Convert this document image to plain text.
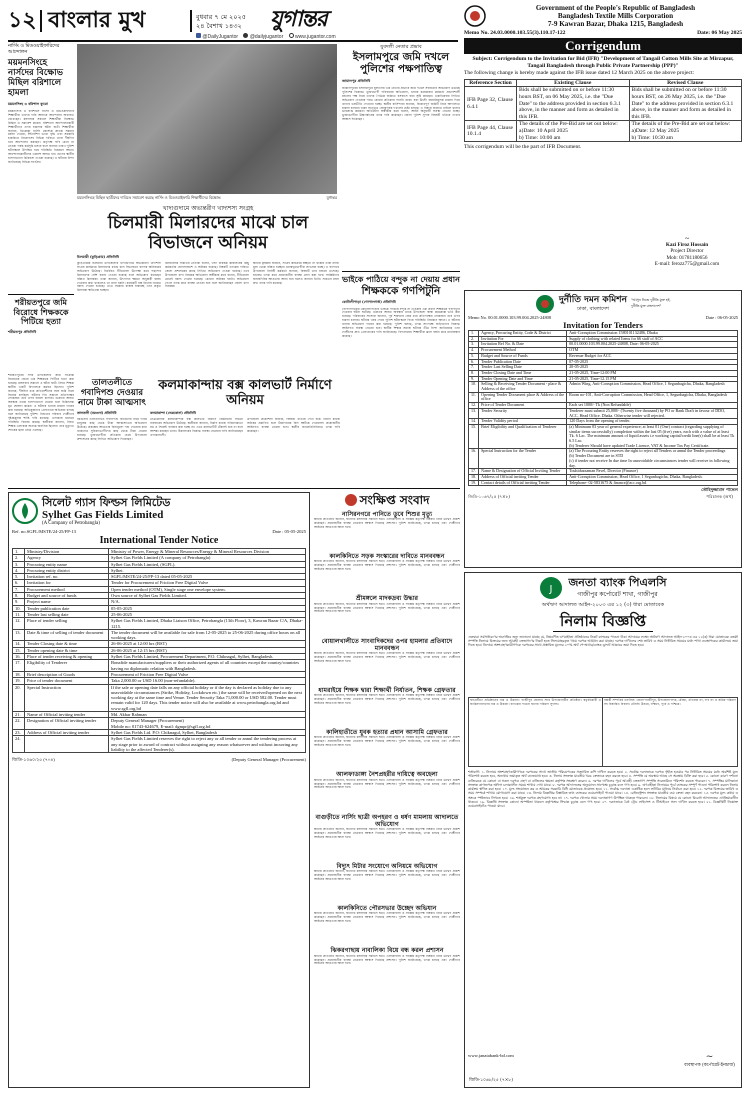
১২ বাংলার মুখ	বুধবার ৭ মে ২০২৫
২৪ বৈশাখ ১৪৩২ যুগান্তর
@DailyJugantor @dailyjugantor www.jugantor.com
নার্সিং ও মিডওয়াইফারিদের আন্দোলন
ময়মনসিংহে নার্সদের বিক্ষোভ মিছিল বরিশালে হামলা
ময়মনসিংহ ও বরিশাল ব্যুরো
ময়মনসিংহ ও বরিশালে নার্সিং ও মিডওয়াইফারি শিক্ষার্থীরা তাদের দাবি আদায়ে আন্দোলন অব্যাহত রেখেছেন। মঙ্গলবার সকালে শিক্ষার্থীরা বিক্ষোভ মিছিল ও সমাবেশ করেন। বরিশালে আন্দোলনকারী শিক্ষার্থীদের ওপর হামলার ঘটনা ঘটে। শিক্ষার্থীরা জানান, ডিপ্লোমা নার্সিং কোর্সকে স্নাতক সমমান মর্যাদা দেওয়া, ইন্টার্নশিপ ভাতা বৃদ্ধি এবং সরকারি চাকরিতে নিয়োগসহ বিভিন্ন দাবিতে তারা দীর্ঘদিন ধরে আন্দোলন করছেন। কর্তৃপক্ষ দাবি মেনে না নেওয়া পর্যন্ত কর্মসূচি চলবে বলে জানান তারা। পুলিশ ঘটনাস্থলে উপস্থিত হয়ে পরিস্থিতি নিয়ন্ত্রণে আনে। আন্দোলনকারীদের একাংশ আহত হন। তাদের স্থানীয় হাসপাতালে চিকিৎসা দেওয়া হয়েছে। এ ঘটনায় নিন্দা জানিয়েছে বিভিন্ন সংগঠন।
শরীয়তপুরে জমি বিরোধে শিক্ষককে পিটিয়ে হত্যা
শরীয়তপুর প্রতিনিধি
শরীয়তপুরের সদর উপজেলায় জমি সংক্রান্ত বিরোধের জেরে এক শিক্ষককে পিটিয়ে হত্যা করা হয়েছে। মঙ্গলবার সকালে এ ঘটনা ঘটে। নিহত শিক্ষক স্থানীয় একটি বিদ্যালয়ে কর্মরত ছিলেন। পুলিশ জানায়, দীর্ঘদিন ধরে প্রতিবেশীদের সঙ্গে জমি নিয়ে বিরোধ চলছিল। ঘটনার দিন সকালে প্রতিপক্ষের লোকজন তার ওপর হামলা চালায়। গুরুতর আহত অবস্থায় তাকে হাসপাতালে নেওয়া হলে চিকিৎসক মৃত ঘোষণা করেন। এ ঘটনায় থানায় মামলা দায়ের করা হয়েছে। অভিযুক্তদের গ্রেফতারে অভিযান চলছে বলে জানিয়েছে পুলিশ। নিহতের পরিবার দোষীদের দৃষ্টান্তমূলক শাস্তি দাবি করেছে। এলাকায় থমথমে পরিস্থিতি বিরাজ করছে। স্থানীয়রা জানান, নিহত শিক্ষক এলাকায় অত্যন্ত জনপ্রিয় ছিলেন। তার মৃত্যুতে শোকের ছায়া নেমে এসেছে।
ময়মনসিংহে মিছিল ছাত্রীদের দাবিতে সমাবেশ করছে নার্সিং ও মিডওয়াইফারি শিক্ষার্থীদের বিক্ষোভ	যুগান্তর
যুবদলী নেতার প্রভাব
ইসলামপুরে জমি দখলে পুলিশের পক্ষপাতিত্ব
জামালপুর প্রতিনিধি
জামালপুরের ইসলামপুরে যুবদলের এক নেতার প্রভাবে জমি দখলে সহায়তার অভিযোগ উঠেছে পুলিশের বিরুদ্ধে। ভুক্তভোগী পরিবারের অভিযোগ, থানার কয়েকজন কর্মকর্তা প্রভাবশালী মহলের পক্ষ নিয়ে তাদের পৈত্রিক জমিতে বসবাসে বাধা সৃষ্টি করছেন। একাধিকবার লিখিত অভিযোগ দেওয়ার পরও কোনো প্রতিকার পাননি তারা। বরং উল্টো হয়রানিমূলক মামলা দিয়ে তাদের ভয়ভীতি দেখানো হচ্ছে। স্থানীয় বাসিন্দারা জানান, বিরোধপূর্ণ জমিটি নিয়ে আদালতে মামলা চলমান থাকা সত্ত্বেও জোরপূর্বক দখলের চেষ্টা চলছে। এ বিষয়ে জানতে চাইলে থানার ভারপ্রাপ্ত কর্মকর্তা অভিযোগ অস্বীকার করে বলেন, আইন অনুযায়ী ব্যবস্থা নেওয়া হচ্ছে। ভুক্তভোগীরা উচ্চপর্যায়ের তদন্ত দাবি করেছেন। জেলা পুলিশ সুপার বিষয়টি খতিয়ে দেখার আশ্বাস দিয়েছেন।
ভাইকে পাঠিয়ে বন্দুক না দেয়ায় প্রধান
শিক্ষককে গণপিটুনি
কোটালীপাড়া (গোপালগঞ্জ) প্রতিনিধি
গোপালগঞ্জের কোটালীপাড়ায় ভাইকে পাঠিয়ে বন্দুক না দেওয়ায় এক প্রধান শিক্ষককে গণপিটুনি দেওয়ার ঘটনা ঘটেছে। গুরুতর আহত অবস্থায় তাকে উপজেলা স্বাস্থ্য কমপ্লেক্সে ভর্তি করা হয়েছে। পরিবারের সদস্যরা জানান, পূর্ব শত্রুতার জের ধরে প্রতিপক্ষের লোকজন তার ওপর হামলা চালায়। ঘটনার খবর পেয়ে পুলিশ ঘটনাস্থলে গিয়ে পরিস্থিতি নিয়ন্ত্রণে আনে। এ ঘটনায় থানায় অভিযোগ দায়ের করা হয়েছে। পুলিশ বলছে, তদন্ত সাপেক্ষে জড়িতদের বিরুদ্ধে আইনগত ব্যবস্থা নেওয়া হবে। স্থানীয় শিক্ষক সমাজ ঘটনার তীব্র নিন্দা জানিয়েছে এবং দোষীদের দ্রুত গ্রেফতারের দাবি জানিয়েছে। বিদ্যালয়ের শিক্ষার্থীরা ক্লাস বর্জন করে মানববন্ধন করেছে।
খাদ্যগুদামে অভ্যন্তরীণ খাদ্যশস্য সংগ্রহ
চিলমারী মিলারদের মাঝে চাল বিভাজনে অনিয়ম
চিলমারী (কুড়িগ্রাম) প্রতিনিধি
কুড়িগ্রামের চিলমারী উপজেলায় খাদ্যগুদামে অভ্যন্তরীণ খাদ্যশস্য সংগ্রহ কার্যক্রমে মিলারদের মাঝে চাল বিভাজনে ব্যাপক অনিয়মের অভিযোগ উঠেছে। নির্ধারিত নীতিমালা উপেক্ষা করে পছন্দের মিলারদের বেশি বরাদ্দ দেওয়া হয়েছে বলে অভিযোগ করেছেন বঞ্চিত মিলাররা। তারা জানান, উৎপাদন ক্ষমতা অনুযায়ী বরাদ্দ দেওয়ার কথা থাকলেও তা মানা হয়নি। কয়েকটি বন্ধ মিলের নামেও বরাদ্দ দেওয়া হয়েছে। এতে সরকার রাজস্ব হারাচ্ছে এবং প্রকৃত মিলাররা ক্ষতিগ্রস্ত হচ্ছেন।
মিলমালিক সমিতির নেতারা বলেন, খাদ্য নিয়ন্ত্রক কার্যালয়ের কিছু কর্মকর্তার যোগসাজশে এ অনিয়ম হয়েছে। বিষয়টি তদন্তের দাবিতে জেলা প্রশাসকের কাছে লিখিত অভিযোগ দেওয়া হয়েছে। তবে উপজেলা খাদ্য নিয়ন্ত্রক অভিযোগ অস্বীকার করে বলেন, নীতিমালা মেনেই বরাদ্দ দেওয়া হয়েছে। কোনো অনিয়ম হয়নি। অভিযোগ পেলে তদন্ত করে ব্যবস্থা নেওয়া হবে বলে জানিয়েছেন জেলা খাদ্য নিয়ন্ত্রক।
স্থানীয় কৃষকরা জানান, সংগ্রহ কার্যক্রমে স্বচ্ছতা না থাকায় তারা ন্যায্য মূল্য থেকে বঞ্চিত হচ্ছেন। মধ্যস্বত্বভোগীরা লাভবান হচ্ছে। এ ব্যাপারে উপজেলা নির্বাহী কর্মকর্তা জানান, বিষয়টি তার নজরে এসেছে। যথাযথ তদন্ত করে প্রয়োজনীয় ব্যবস্থা গ্রহণ করা হবে। সংশ্লিষ্টদের জবাবদিহির আওতায় আনা হবে বলেও জানান তিনি। সচেতন মহল দ্রুত তদন্ত দাবি করেছে।
তালতলীতে গবাদিপশু দেওয়ার নামে টাকা আত্মসাৎ
তালতলী (বরগুনা) প্রতিনিধি
বরগুনার তালতলীতে গবাদিপশু বিতরণের নামে দরিদ্র মানুষের কাছ থেকে টাকা আত্মসাতের অভিযোগ উঠেছে। প্রকল্পের আওতায় বিনামূল্যে পশু দেওয়ার কথা থাকলেও সুবিধাভোগীদের কাছ থেকে টাকা নেওয়া হয়েছে। ভুক্তভোগীরা প্রতিকার চেয়ে উপজেলা প্রশাসনের কাছে লিখিত অভিযোগ দিয়েছেন।
কলমাকান্দায় বক্স কালভার্ট নির্মাণে অনিয়ম
কলমাকান্দা (নেত্রকোনা) প্রতিনিধি
নেত্রকোনার কলমাকান্দায় বক্স কালভার্ট নির্মাণে নিম্নমানের সামগ্রী ব্যবহারের অভিযোগ উঠেছে। স্থানীয়রা জানান, নির্মাণ কাজে পরিমাণমতো রড ও সিমেন্ট ব্যবহার করা হচ্ছে না। এতে কালভার্টটি টেকসই হবে না বলে আশঙ্কা করছেন তারা। ঠিকাদারের বিরুদ্ধে ব্যবস্থা নেওয়ার দাবি জানিয়েছেন এলাকাবাসী।
উপজেলা প্রকৌশলী জানান, বিষয়টি খতিয়ে দেখা হবে। নির্মাণ কাজে অনিয়ম প্রমাণিত হলে ঠিকাদারের বিল আটকে দেওয়াসহ প্রয়োজনীয় আইনগত ব্যবস্থা নেওয়া হবে। স্থানীয় জনপ্রতিনিধিরাও তদন্ত দাবি করেছেন।
সিলেট গ্যাস ফিল্ডস লিমিটেড
Sylhet Gas Fields Limited
(A Company of Petrobangla)
Ref. no.SGFL/MSTE/24-25/FP-13	Date : 05-05-2025
International Tender Notice
1.	Ministry/Division	Ministry of Power, Energy & Mineral Resources/Energy & Mineral Resources Division
2.	Agency	Sylhet Gas Fields Limited (A company of Petrobangla)
3.	Procuring entity name	Sylhet Gas Fields Limited, (SGFL).
4.	Procuring entity district	Sylhet.
5.	Invitation ref. no.	SGFL/MSTE/24-25/FP-13 dated 05-05-2025
6.	Invitation for	Tender for Procurement of Friction Free Digital Valve
7.	Procurement method	Open tender method (OTM), Single stage one envelope system.
8.	Budget and source of funds	Own source of Sylhet Gas Fields Limited.
9.	Project name	N/A.
10.	Tender publication date	05-05-2025
11.	Tender last selling date	25-06-2025
12.	Place of tender selling	Sylhet Gas Fields Limited, Dhaka Liaison Office, Petrobangla (13th Floor), 3, Kawran Bazar C/A, Dhaka-1215.
13.	Date & time of selling of tender document	The tender document will be available for sale from 12-05-2025 to 25-06-2025 during office hours on all working days.
14.	Tender Closing date & time	26-06-2025 at 12:00 hrs (BST)
15.	Tender opening date & time	26-06-2025 at 12:15 hrs (BST)
16.	Place of tender receiving & opening	Sylhet Gas Fields Limited, Procurement Department, P.O. Chiknagul, Sylhet, Bangladesh.
17.	Eligibility of Tenderer	Bonafide manufacturers/suppliers or their authorized agents of all countries except the country/countries having no diplomatic relation with Bangladesh.
18.	Brief description of Goods	Procurement of Friction Free Digital Valve
19.	Price of tender document	Taka 2,000.00 or USD 16.00 (non-refundable).
20.	Special Instruction	If the sale or opening date falls on any official holiday or if the day is declared as holiday due to any unavoidable circumstances (Strike, Holiday, Lockdown etc.) the same will be received/opened on the next working day at the same time and Venue. Tender Security Taka 71,000.00 or USD 582.00. Tender must remain valid for 120 days. This tender notice will also be available at www.petrobangla.org.bd and www.sgfl.org.bd
21.	Name of Official inviting tender	Md. Akbar Rahman
22.	Designation of Official inviting tender	Deputy General Manager (Procurement)
Mobile no: 01743-624679, E-mail: dgmpr@sgfl.org.bd
23.	Address of Official inviting tender	Sylhet Gas Fields Ltd. P.O: Chiknagul, Sylhet, Bangladesh
24.		Sylhet Gas Fields Limited reserves the right to reject any or all tender or annul the tendering process at any stage prior to award of contract without assigning any reason whatsoever and without incurring any liability to the affected Tenderer(s).
জিডি-১০৬০/২৫ (৭×৪)	(Deputy General Manager (Procurement)
সংক্ষিপ্ত সংবাদ
নাসিরনগরে পানিতে ডুবে শিশুর মৃত্যু
স্থানীয় প্রতিনিধি জানান, ঘটনাটি মঙ্গলবার সকালে ঘটে। এলাকাবাসী ও সংশ্লিষ্ট কর্তৃপক্ষ বিষয়টি নিয়ে উদ্বেগ প্রকাশ করেছেন। প্রয়োজনীয় ব্যবস্থা নেওয়ার আশ্বাস দিয়েছে প্রশাসন। পুলিশ জানিয়েছে, তদন্ত চলছে এবং দোষীদের আইনের আওতায় আনা হবে।
কালকিনিতে সড়ক সংস্কারের দাবিতে মানববন্ধন
স্থানীয় প্রতিনিধি জানান, ঘটনাটি মঙ্গলবার সকালে ঘটে। এলাকাবাসী ও সংশ্লিষ্ট কর্তৃপক্ষ বিষয়টি নিয়ে উদ্বেগ প্রকাশ করেছেন। প্রয়োজনীয় ব্যবস্থা নেওয়ার আশ্বাস দিয়েছে প্রশাসন। পুলিশ জানিয়েছে, তদন্ত চলছে এবং দোষীদের আইনের আওতায় আনা হবে।
শ্রীমঙ্গলে মাদকদ্রব্য উদ্ধার
স্থানীয় প্রতিনিধি জানান, ঘটনাটি মঙ্গলবার সকালে ঘটে। এলাকাবাসী ও সংশ্লিষ্ট কর্তৃপক্ষ বিষয়টি নিয়ে উদ্বেগ প্রকাশ করেছেন। প্রয়োজনীয় ব্যবস্থা নেওয়ার আশ্বাস দিয়েছে প্রশাসন। পুলিশ জানিয়েছে, তদন্ত চলছে এবং দোষীদের আইনের আওতায় আনা হবে।
বোয়ালখালীতে সাংবাদিকদের ওপর হামলার প্রতিবাদে মানববন্ধন
স্থানীয় প্রতিনিধি জানান, ঘটনাটি মঙ্গলবার সকালে ঘটে। এলাকাবাসী ও সংশ্লিষ্ট কর্তৃপক্ষ বিষয়টি নিয়ে উদ্বেগ প্রকাশ করেছেন। প্রয়োজনীয় ব্যবস্থা নেওয়ার আশ্বাস দিয়েছে প্রশাসন। পুলিশ জানিয়েছে, তদন্ত চলছে এবং দোষীদের আইনের আওতায় আনা হবে।
ধামরাইয়ে শিক্ষক দ্বারা শিক্ষার্থী নির্যাতন, শিক্ষক গ্রেফতার
স্থানীয় প্রতিনিধি জানান, ঘটনাটি মঙ্গলবার সকালে ঘটে। এলাকাবাসী ও সংশ্লিষ্ট কর্তৃপক্ষ বিষয়টি নিয়ে উদ্বেগ প্রকাশ করেছেন। প্রয়োজনীয় ব্যবস্থা নেওয়ার আশ্বাস দিয়েছে প্রশাসন। পুলিশ জানিয়েছে, তদন্ত চলছে এবং দোষীদের আইনের আওতায় আনা হবে।
কালিহাতীতে যুবক হত্যার প্রধান আসামি গ্রেফতার
স্থানীয় প্রতিনিধি জানান, ঘটনাটি মঙ্গলবার সকালে ঘটে। এলাকাবাসী ও সংশ্লিষ্ট কর্তৃপক্ষ বিষয়টি নিয়ে উদ্বেগ প্রকাশ করেছেন। প্রয়োজনীয় ব্যবস্থা নেওয়ার আশ্বাস দিয়েছে প্রশাসন। পুলিশ জানিয়েছে, তদন্ত চলছে এবং দোষীদের আইনের আওতায় আনা হবে।
আলফাডাঙ্গা নৈশপ্রহরীর দায়িত্বে অবহেলা
স্থানীয় প্রতিনিধি জানান, ঘটনাটি মঙ্গলবার সকালে ঘটে। এলাকাবাসী ও সংশ্লিষ্ট কর্তৃপক্ষ বিষয়টি নিয়ে উদ্বেগ প্রকাশ করেছেন। প্রয়োজনীয় ব্যবস্থা নেওয়ার আশ্বাস দিয়েছে প্রশাসন। পুলিশ জানিয়েছে, তদন্ত চলছে এবং দোষীদের আইনের আওতায় আনা হবে।
বাগুড়ীতে নার্সিং ছাত্রী অপহরণ ও ধর্ষণ মামলায় আদালতে অভিযোগ
স্থানীয় প্রতিনিধি জানান, ঘটনাটি মঙ্গলবার সকালে ঘটে। এলাকাবাসী ও সংশ্লিষ্ট কর্তৃপক্ষ বিষয়টি নিয়ে উদ্বেগ প্রকাশ করেছেন। প্রয়োজনীয় ব্যবস্থা নেওয়ার আশ্বাস দিয়েছে প্রশাসন। পুলিশ জানিয়েছে, তদন্ত চলছে এবং দোষীদের আইনের আওতায় আনা হবে।
বিদ্যুৎ মিটার সংযোগে অনিয়মে অভিযোগ
স্থানীয় প্রতিনিধি জানান, ঘটনাটি মঙ্গলবার সকালে ঘটে। এলাকাবাসী ও সংশ্লিষ্ট কর্তৃপক্ষ বিষয়টি নিয়ে উদ্বেগ প্রকাশ করেছেন। প্রয়োজনীয় ব্যবস্থা নেওয়ার আশ্বাস দিয়েছে প্রশাসন। পুলিশ জানিয়েছে, তদন্ত চলছে এবং দোষীদের আইনের আওতায় আনা হবে।
কালকিনিতে পৌরসভার উচ্ছেদ অভিযান
স্থানীয় প্রতিনিধি জানান, ঘটনাটি মঙ্গলবার সকালে ঘটে। এলাকাবাসী ও সংশ্লিষ্ট কর্তৃপক্ষ বিষয়টি নিয়ে উদ্বেগ প্রকাশ করেছেন। প্রয়োজনীয় ব্যবস্থা নেওয়ার আশ্বাস দিয়েছে প্রশাসন। পুলিশ জানিয়েছে, তদন্ত চলছে এবং দোষীদের আইনের আওতায় আনা হবে।
ঝিকরগাছায় নাবালিকা বিয়ে বন্ধ করল প্রশাসন
স্থানীয় প্রতিনিধি জানান, ঘটনাটি মঙ্গলবার সকালে ঘটে। এলাকাবাসী ও সংশ্লিষ্ট কর্তৃপক্ষ বিষয়টি নিয়ে উদ্বেগ প্রকাশ করেছেন। প্রয়োজনীয় ব্যবস্থা নেওয়ার আশ্বাস দিয়েছে প্রশাসন। পুলিশ জানিয়েছে, তদন্ত চলছে এবং দোষীদের আইনের আওতায় আনা হবে।
Government of the People's Republic of Bangladesh
Bangladesh Textile Mills Corporation
7-9 Kawran Bazar, Dhaka 1215, Bangladesh
Memo No. 24.03.0000.103.55(3).110.17-122	Date: 06 May 2025
Corrigendum
Subject: Corrigendum to the Invitation for Bid (IFB) "Development of Tangail Cotton Mills Site at Mirzapur, Tangail Bangladesh through Public Private Partnership (PPP)"
The following change is hereby made against the IFB issue dated 12 March 2025 on the above project:
Reference Section	Existing Clause	Revised Clause
IFB Page 32, Clause 6.4.1	Bids shall be submitted on or before 11:30 hours BST, on 06 May 2025, i.e. the "Due Date" to the address provided in section 6.3.1 above, in the manner and form as detailed in this IFB.	Bids shall be submitted on or before 11:30 hours BST, on 26 May 2025, i.e. the "Due Date" to the address provided in section 6.3.1 above, in the manner and form as detailed in this IFB.
IFB Page 44, Clause 10.1.4	The details of the Pre-Bid are set out below:
a)Date: 10 April 2025
b) Time: 10:00 am	The details of the Pre-Bid are set out below:
a)Date: 12 May 2025
b) Time: 10:30 am
This corrigendum will be the part of IFB Document.
~
Kazi Firoz Hossain
Project Director
Mob: 01781180656
E-mail: ferozz775@gmail.com
দুর্নীতি দমন কমিশন
ঢাকা, বাংলাদেশ
"আসুন নিজে দুর্নীতি মুক্ত হই, দুর্নীতি মুক্ত বাংলাদেশ"
Memo No. 00.01.0000.103.99.004.2025-24808	Date : 06-05-2025
Invitation for Tenders
1.	Agency, Procuring Entity, Code & District	Anti-Corruption Commission 1580101132486, Dhaka
2.	Invitation For	Supply of clothing with related Items for 66 staff of ACC
3.	Invitation Ref No. & Date	00.01.0000.103.99.004.2025-24808, Date: 06-05-2025
4.	Procurement Method	OTM
5.	Budget and Source of Funds	Revenue Budget for ACC
6.	Tender Publication Date	07-05-2025
7.	Tender Last Selling Date	20-05-2025
8.	Tender Closing Date and Time	21-05-2025, Time-12:00 PM
9.	Tender Opening Date and Time	21-05-2025, Time-12.15 PM
10.	Selling & Receiving Tender Document - place & Address of the office	Admin Wing, Anti-Corruption Commission, Head Office, 1 Segunbagicha, Dhaka, Bangladesh
11.	Opening Tender Document place & Address of the office	Room no-101, Anti-Corruption Commission, Head Office, 1, Segunbagicha, Dhaka, Bangladesh
12.	Price of Tender Document	Each set 1000/- Tk (Non Refundable)
13.	Tender Security	Tenderer must submit 25,000/- (Twenty five thousand) by PO or Bank Draft in favour of DDO, ACC, Head Office. Dhaka. Otherwise tender will rejected.
14.	Tender Validity period	120 Days from the opening of tender.
15.	Brief Eligibility and Qualification of Tenderer	(a) Minimum 03 year of general experience; at least 01 (One) contract (regarding supplying of similar items successfully) completion within the last 05 (five) years, each with a value of at least Tk. 6 Lac. The minimum amount of liquid assets i.e working capital/credit line(s) shall be at least Tk 6.5 Lac.
(b) Tenderer Should have updated Trade Licence, VAT & Income Tax Pay Certificate.
16.	Special Instruction for the Tender	(a) The Procuring Entity reserves the right to reject all Tenders or annul the Tender proceedings
(b) Tender Document are in STD
(c) if tender not receive In due time In unavoidable circumstances tender will receive in following day.
17.	Name & Designation of Official Inviting Tender	Touhiduzzaman Pavel, Director (Finance)
18.	Address of Official inviting Tender	Anti-Corruption Commission, Head Office, 1 Segunbagicha, Dhaka, Bangladesh.
19.	Contact details of Official inviting Tender	Telephone- 02-5831675 & finance@acc.org.bd
জিডি-১০৬৭/২৫ (৭×৮)
তৌহিদুজ্জামান পাভেল
পরিচালক (অর্থ)
J
জনতা ব্যাংক পিএলসি
গাজীপুর কর্পোরেট শাখা, গাজীপুর
অর্থঋণ আদালত আইন-২০০৩ এর ১২ (৩) ধারা মোতাবেক
নিলাম বিজ্ঞপ্তি
এতদ্বারা সর্বসাধারণের অবগতির জন্য জানানো যাচ্ছে যে, নিম্নবর্ণিত ঋণগ্রহীতা প্রতিষ্ঠানের নিকট ব্যাংকের পাওনা টাকা আদায়ের লক্ষ্যে অর্থঋণ আদালত আইন-২০০৩ এর ১২(৩) ধারা মোতাবেক বন্ধকী সম্পত্তি নিলামে বিক্রয়ের জন্য আগ্রহী ক্রেতাগণের নিকট হতে সিলমোহরকৃত খামে দরপত্র আহ্বান করা যাচ্ছে। দরপত্র দাখিলের শেষ তারিখ ও সময় নির্ধারিত সময়ের মধ্যে শাখা ব্যবস্থাপকের কার্যালয়ে জমা দিতে হবে। নিলামে অংশগ্রহণকারীগণকে দরপত্রের সাথে প্রস্তাবিত মূল্যের ২০% অর্থ পে-অর্ডার/ব্যাংক ড্রাফট আকারে জমা দিতে হবে।
ঋণগ্রহীতা প্রতিষ্ঠানের নাম ও ঠিকানা: গাজীপুর জেলার সদর উপজেলাধীন প্রতিষ্ঠান। স্বত্বাধিকারী ও জামিনদারগণের নাম ও ঠিকানা। ব্যাংকের পাওনা ঋণের পরিমাণ সুদসহ।
বন্ধকী সম্পত্তির তফসিল: জেলা-গাজীপুর, উপজেলা-সদর, মৌজা, খতিয়ান নং, দাগ নং ও জমির পরিমাণ সহ বিস্তারিত বিবরণ। চৌহদ্দি উত্তরে, দক্ষিণে, পূর্বে ও পশ্চিমে।
শর্তাবলী: ১. নিলামে অংশগ্রহণকারীগণকে দরপত্রের সাথে জাতীয় পরিচয়পত্রের সত্যায়িত কপি দাখিল করতে হবে। ২. সর্বোচ্চ দরদাতাকে দরপত্র গৃহীত হওয়ার পর নির্ধারিত সময়ের মধ্যে অবশিষ্ট মূল্য পরিশোধ করতে হবে, অন্যথায় জমাকৃত অর্থ বাজেয়াপ্ত হবে। ৩. নিলাম সংক্রান্ত যাবতীয় খরচ ক্রেতাকে বহন করতে হবে। ৪. সম্পত্তি যে অবস্থায় আছে সে অবস্থায় বিক্রি করা হবে। ৫. কোনো কারণ দর্শানো ব্যতিরেকে যে কোনো বা সকল দরপত্র গ্রহণ বা বাতিলের ক্ষমতা কর্তৃপক্ষ সংরক্ষণ করেন। ৬. দরপত্র দাখিলের পূর্বে আগ্রহী ক্রেতাগণ সম্পত্তি সরেজমিনে পরিদর্শন করতে পারবেন। ৭. সম্পত্তির মালিকানা সংক্রান্ত কাগজপত্র অফিস চলাকালীন সময়ে শাখায় দেখা যাবে। ৮. দরপত্র আদালতের অনুমোদন সাপেক্ষে চূড়ান্ত বলে গণ্য হবে। ৯. ঋণগ্রহীতা নিলামের পূর্বে ব্যাংকের সম্পূর্ণ পাওনা পরিশোধ করলে নিলাম কার্যক্রম স্থগিত করা হবে। ১০. মূল্য সংযোজন কর ও আয়কর সরকারি বিধি মোতাবেক প্রযোজ্য হবে। ১১. সর্বোচ্চ দরদাতা একাধিক হলে লটারির মাধ্যমে নির্বাচন করা হবে। ১২. দরপত্র বিক্রয়ের তারিখ ও সময় সম্পর্কে শাখায় যোগাযোগ করা যাবে। ১৩. নিলাম বিজ্ঞপ্তির বিস্তারিত তথ্য ব্যাংকের ওয়েবসাইটে পাওয়া যাবে। ১৪. রেজিস্ট্রেশন সংক্রান্ত যাবতীয় ব্যয় ক্রেতা বহন করবেন। ১৫. দরপত্র মূল্য কথায় ও অংকে স্পষ্টভাবে লিখতে হবে। ১৬. শর্তযুক্ত দরপত্র গ্রহণযোগ্য হবে না। ১৭. দরপত্র খোলার সময় দরদাতাগণ উপস্থিত থাকতে পারবেন। ১৮. নিলামের বিষয়ে যে কোনো বিরোধ আদালতের এখতিয়ারাধীন থাকবে। ১৯. বিজ্ঞপ্তি সংক্রান্ত কোনো অস্পষ্টতা থাকলে কর্তৃপক্ষের সিদ্ধান্ত চূড়ান্ত বলে গণ্য হবে। ২০. দরদাতাকে বৈধ ট্রেড লাইসেন্স ও টিআইএন সনদ দাখিল করতে হবে। ২১. বিজ্ঞপ্তিটি নিম্নোক্ত ওয়েবসাইটেও পাওয়া যাবে।
www.janatabank-bd.com	~
ব্যবস্থাপক (কর্পোরেট-ইনচার্জ)
জিডি-১০৬৮/২৫ (৭×৮)
